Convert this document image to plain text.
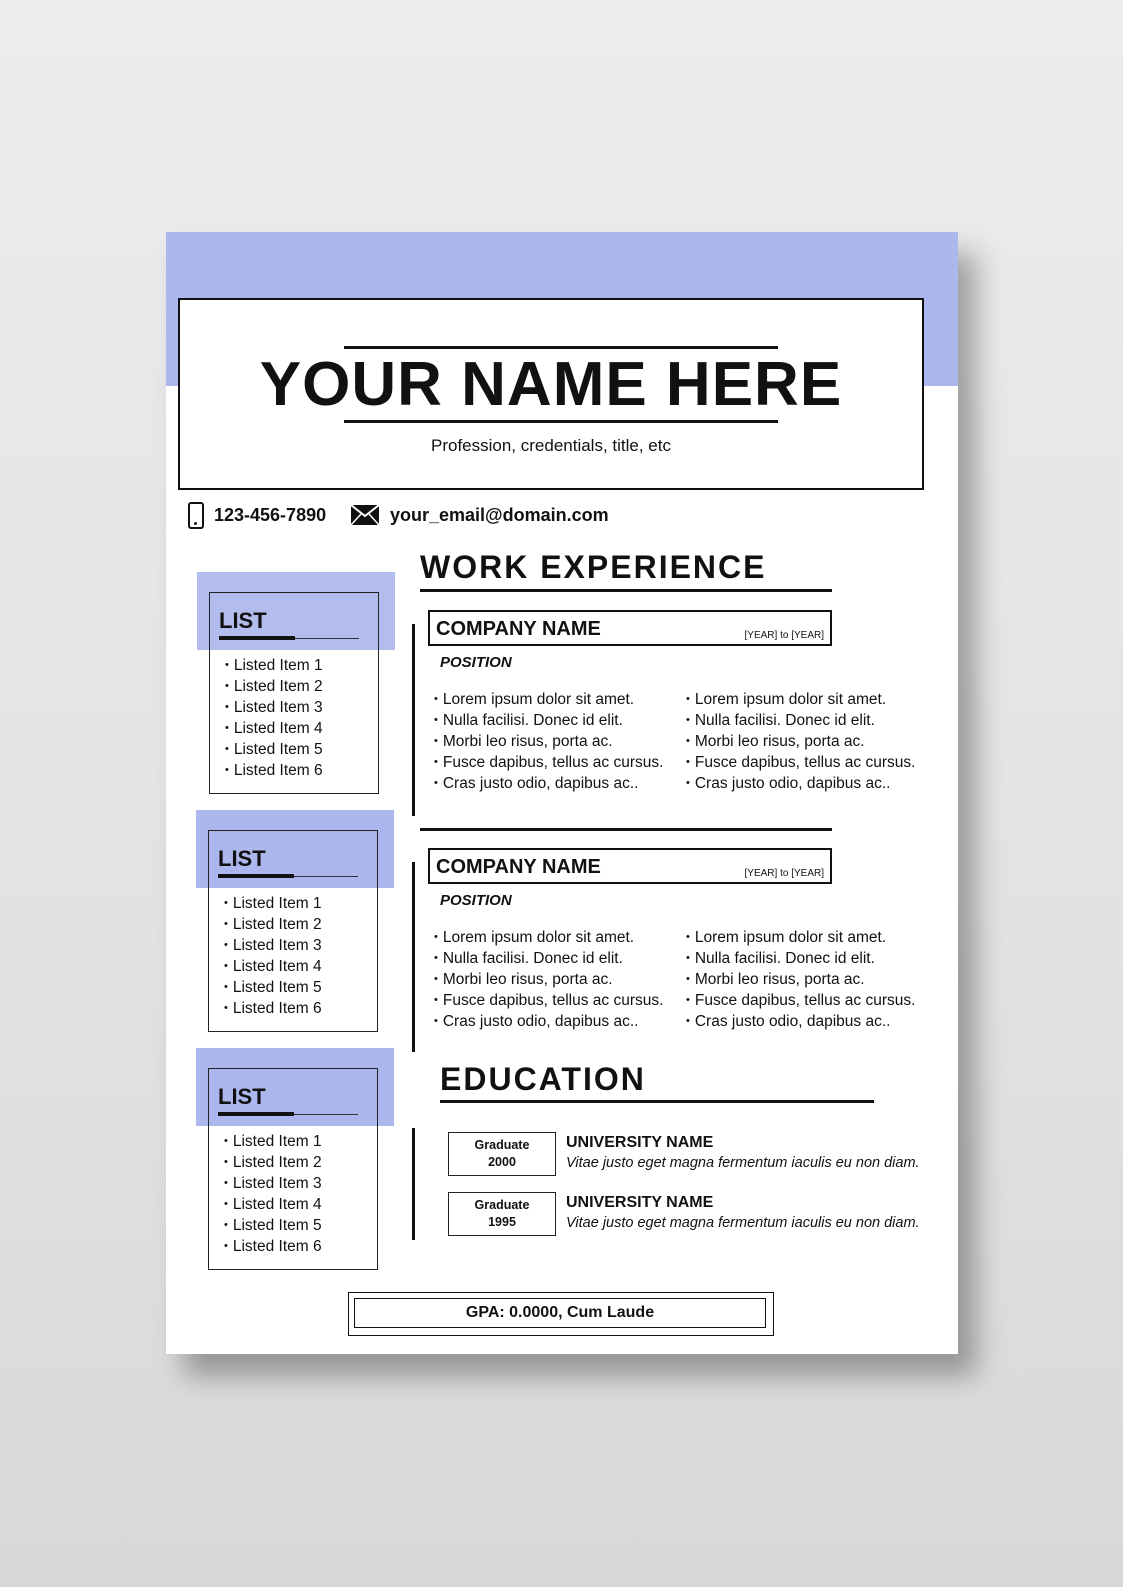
YOUR NAME HERE
Profession, credentials, title, etc
123-456-7890	your_email@domain.com
LIST
• Listed Item 1
• Listed Item 2
• Listed Item 3
• Listed Item 4
• Listed Item 5
• Listed Item 6
LIST
• Listed Item 1
• Listed Item 2
• Listed Item 3
• Listed Item 4
• Listed Item 5
• Listed Item 6
LIST
• Listed Item 1
• Listed Item 2
• Listed Item 3
• Listed Item 4
• Listed Item 5
• Listed Item 6
WORK EXPERIENCE
COMPANY NAME	[YEAR] to [YEAR]
POSITION
• Lorem ipsum dolor sit amet.
• Nulla facilisi. Donec id elit.
• Morbi leo risus, porta ac.
• Fusce dapibus, tellus ac cursus.
• Cras justo odio, dapibus ac..
• Lorem ipsum dolor sit amet.
• Nulla facilisi. Donec id elit.
• Morbi leo risus, porta ac.
• Fusce dapibus, tellus ac cursus.
• Cras justo odio, dapibus ac..
COMPANY NAME	[YEAR] to [YEAR]
POSITION
• Lorem ipsum dolor sit amet.
• Nulla facilisi. Donec id elit.
• Morbi leo risus, porta ac.
• Fusce dapibus, tellus ac cursus.
• Cras justo odio, dapibus ac..
• Lorem ipsum dolor sit amet.
• Nulla facilisi. Donec id elit.
• Morbi leo risus, porta ac.
• Fusce dapibus, tellus ac cursus.
• Cras justo odio, dapibus ac..
EDUCATION
Graduate
2000
UNIVERSITY NAME
Vitae justo eget magna fermentum iaculis eu non diam.
Graduate
1995
UNIVERSITY NAME
Vitae justo eget magna fermentum iaculis eu non diam.
GPA: 0.0000, Cum Laude
